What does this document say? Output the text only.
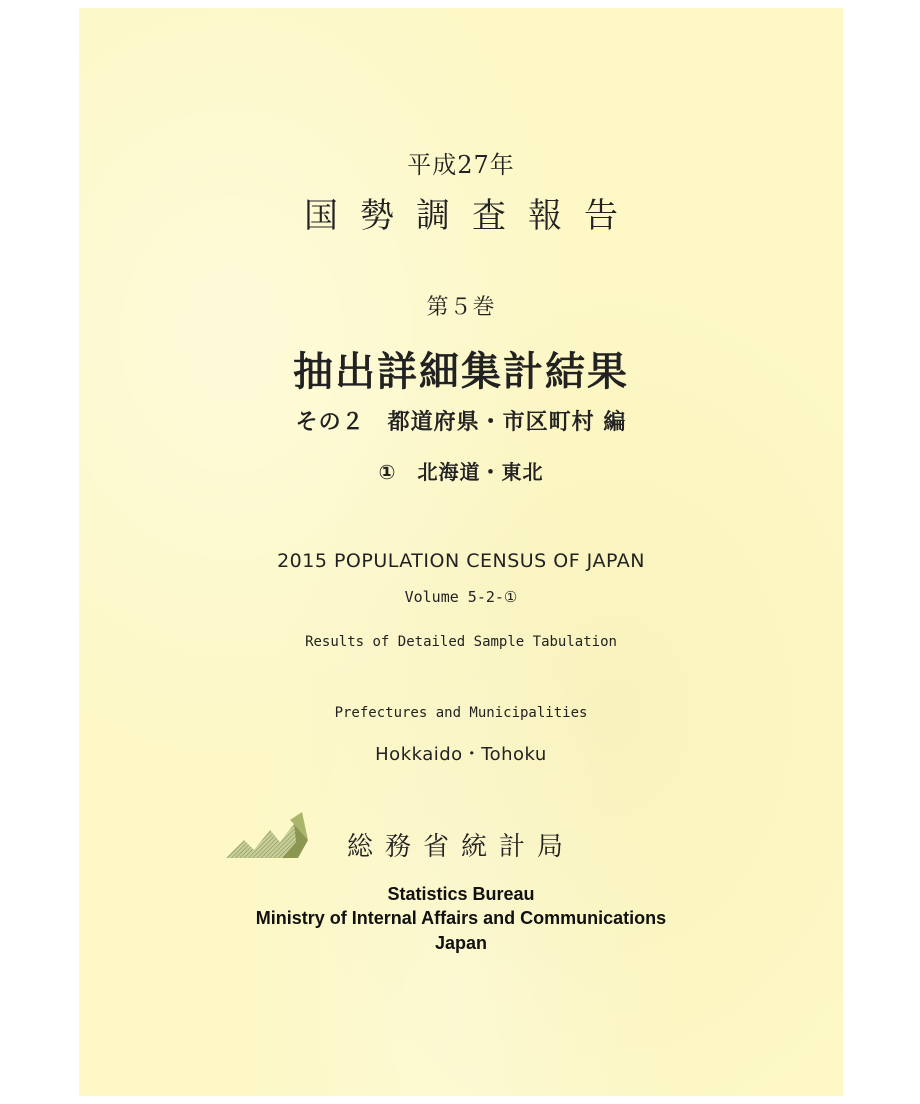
平成27年
国勢調査報告
第５巻
抽出詳細集計結果
その２　都道府県・市区町村 編
①　北海道・東北
2015 POPULATION CENSUS OF JAPAN
Volume 5-2-①
Results of Detailed Sample Tabulation
Prefectures and Municipalities
Hokkaido・Tohoku
総務省統計局
Statistics Bureau
Ministry of Internal Affairs and Communications
Japan
